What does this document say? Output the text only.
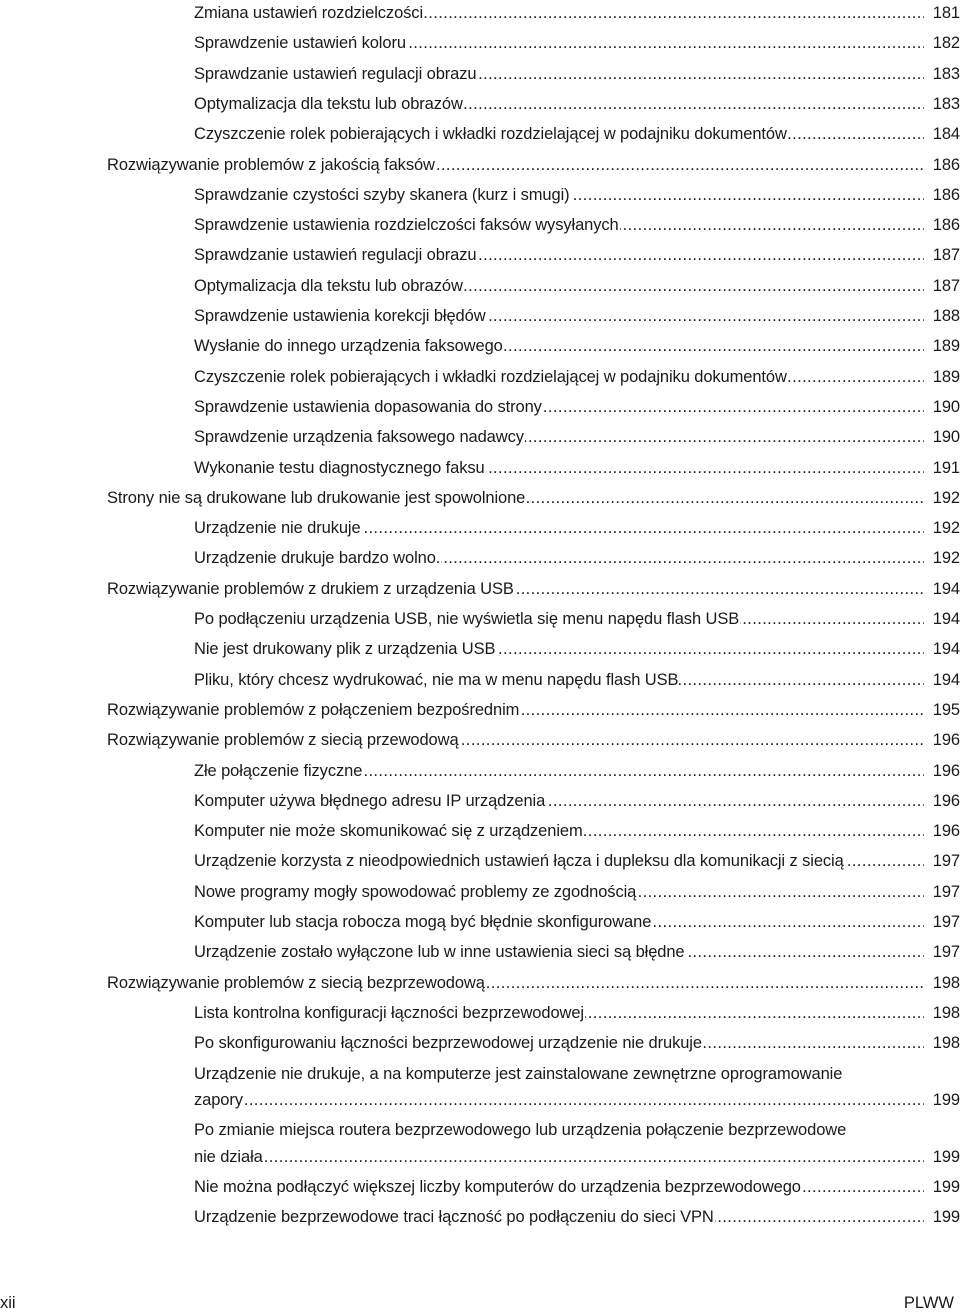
Zmiana ustawień rozdzielczości .....	181
Sprawdzenie ustawień koloru .....	182
Sprawdzanie ustawień regulacji obrazu .....	183
Optymalizacja dla tekstu lub obrazów .....	183
Czyszczenie rolek pobierających i wkładki rozdzielającej w podajniku dokumentów .....	184
Rozwiązywanie problemów z jakością faksów .....	186
Sprawdzanie czystości szyby skanera (kurz i smugi) .....	186
Sprawdzenie ustawienia rozdzielczości faksów wysyłanych .....	186
Sprawdzanie ustawień regulacji obrazu .....	187
Optymalizacja dla tekstu lub obrazów .....	187
Sprawdzenie ustawienia korekcji błędów .....	188
Wysłanie do innego urządzenia faksowego .....	189
Czyszczenie rolek pobierających i wkładki rozdzielającej w podajniku dokumentów .....	189
Sprawdzenie ustawienia dopasowania do strony .....	190
Sprawdzenie urządzenia faksowego nadawcy .....	190
Wykonanie testu diagnostycznego faksu .....	191
Strony nie są drukowane lub drukowanie jest spowolnione .....	192
Urządzenie nie drukuje .....	192
Urządzenie drukuje bardzo wolno. .....	192
Rozwiązywanie problemów z drukiem z urządzenia USB .....	194
Po podłączeniu urządzenia USB, nie wyświetla się menu napędu flash USB .....	194
Nie jest drukowany plik z urządzenia USB .....	194
Pliku, który chcesz wydrukować, nie ma w menu napędu flash USB .....	194
Rozwiązywanie problemów z połączeniem bezpośrednim .....	195
Rozwiązywanie problemów z siecią przewodową .....	196
Złe połączenie fizyczne .....	196
Komputer używa błędnego adresu IP urządzenia .....	196
Komputer nie może skomunikować się z urządzeniem .....	196
Urządzenie korzysta z nieodpowiednich ustawień łącza i dupleksu dla komunikacji z siecią .....	197
Nowe programy mogły spowodować problemy ze zgodnością .....	197
Komputer lub stacja robocza mogą być błędnie skonfigurowane .....	197
Urządzenie zostało wyłączone lub w inne ustawienia sieci są błędne .....	197
Rozwiązywanie problemów z siecią bezprzewodową .....	198
Lista kontrolna konfiguracji łączności bezprzewodowej .....	198
Po skonfigurowaniu łączności bezprzewodowej urządzenie nie drukuje .....	198
Urządzenie nie drukuje, a na komputerze jest zainstalowane zewnętrzne oprogramowanie
zapory .....	199
Po zmianie miejsca routera bezprzewodowego lub urządzenia połączenie bezprzewodowe
nie działa .....	199
Nie można podłączyć większej liczby komputerów do urządzenia bezprzewodowego .....	199
Urządzenie bezprzewodowe traci łączność po podłączeniu do sieci VPN .....	199
xii	PLWW
